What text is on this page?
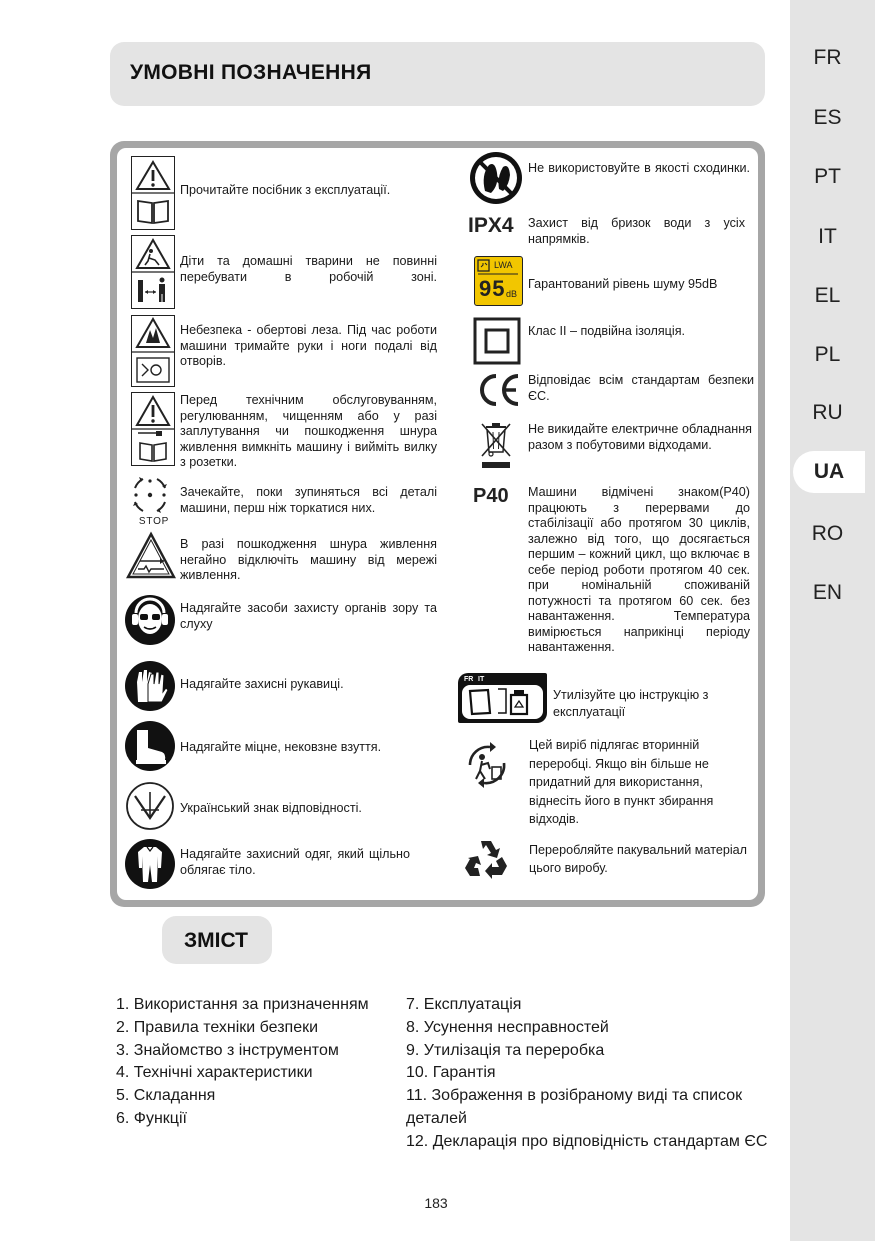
FR
ES
PT
IT
EL
PL
RU
UA
RO
EN
УМОВНІ ПОЗНАЧЕННЯ
Прочитайте посібник з експлуатації.
Діти та домашні тварини не повинні перебувати в робочій зоні.
Небезпека - обертові леза. Під час роботи машини тримайте руки і ноги подалі від отворів.
Перед технічним обслуговуванням, регулюванням, чищенням або у разі заплутування чи пошкодження шнура живлення вимкніть машину і вийміть вилку з розетки.
STOP
Зачекайте, поки зупиняться всі деталі машини, перш ніж торкатися них.
В разі пошкодження шнура живлення негайно відключіть машину від мережі живлення.
Надягайте засоби захисту органів зору та слуху
Надягайте захисні рукавиці.
Надягайте міцне, нековзне взуття.
Український знак відповідності.
Надягайте захисний одяг, який щільно облягає тіло.
Не використовуйте в якості сходинки.
IPX4	Захист від бризок води з усіх напрямків.
LWA
95 dB
Гарантований рівень шуму 95dB
Клас II – подвійна ізоляція.
Відповідає всім стандартам безпеки ЄС.
Не викидайте електричне обладнання разом з побутовими відходами.
P40	Машини відмічені знаком(P40) працюють з перервами до стабілізації або протягом 30 циклів, залежно від того, що досягається першим – кожний цикл, що включає в себе період роботи протягом 40 сек. при номінальній споживаній потужності та протягом 60 сек. без навантаження. Температура вимірюється наприкінці періоду навантаження.
FR IT
Утилізуйте цю інструкцію з експлуатації
Цей виріб підлягає вторинній переробці. Якщо він більше не придатний для використання, віднесіть його в пункт збирання відходів.
Переробляйте пакувальний матеріал цього виробу.
ЗМІСТ
1. Використання за призначенням
2. Правила техніки безпеки
3. Знайомство з інструментом
4. Технічні характеристики
5. Складання
6. Функції
7. Експлуатація
8. Усунення несправностей
9. Утилізація та переробка
10. Гарантія
11. Зображення в розібраному виді та список
деталей
12. Декларація про відповідність стандартам ЄС
183
